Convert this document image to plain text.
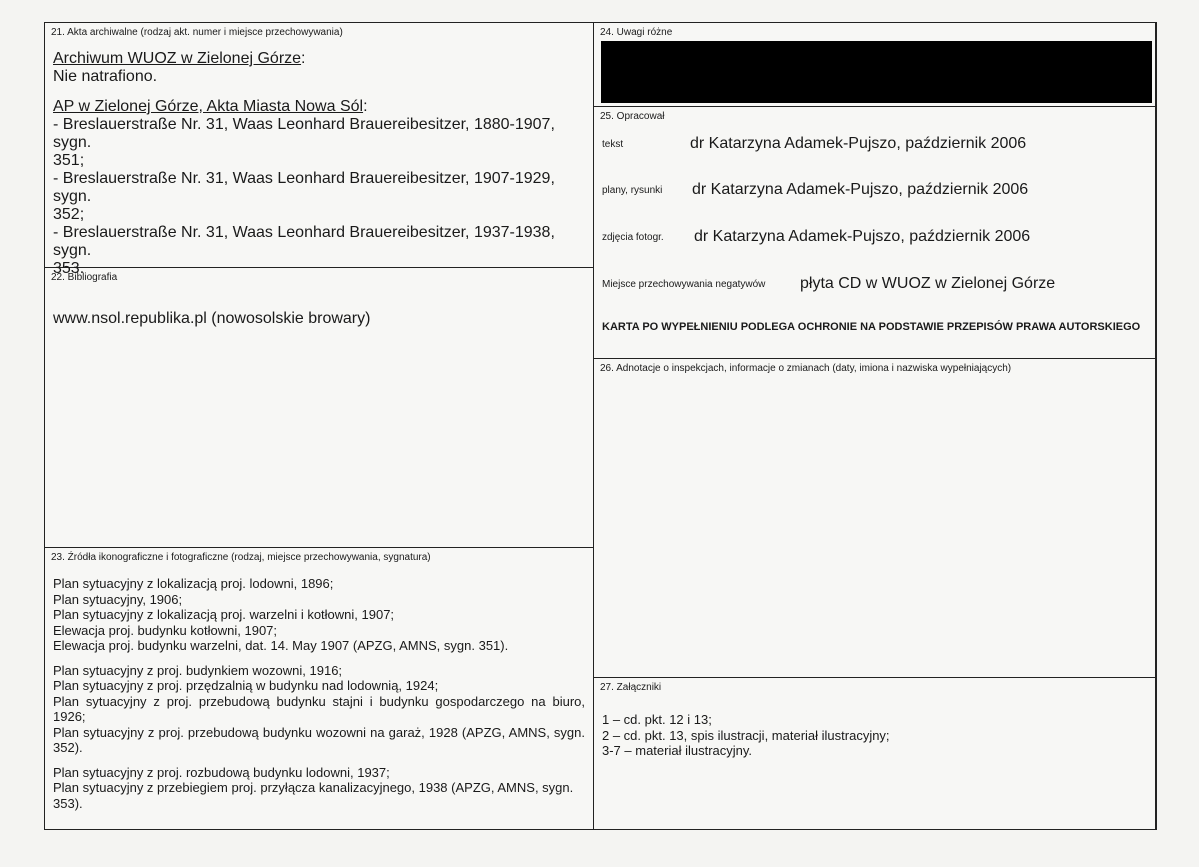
21. Akta archiwalne (rodzaj akt. numer i miejsce przechowywania)
Archiwum WUOZ w Zielonej Górze:
Nie natrafiono.
AP w Zielonej Górze, Akta Miasta Nowa Sól:
- Breslauerstraße Nr. 31, Waas Leonhard Brauereibesitzer, 1880-1907, sygn.
351;
- Breslauerstraße Nr. 31, Waas Leonhard Brauereibesitzer, 1907-1929, sygn.
352;
- Breslauerstraße Nr. 31, Waas Leonhard Brauereibesitzer, 1937-1938, sygn.
353.
22. Bibliografia
www.nsol.republika.pl (nowosolskie browary)
23. Źródła ikonograficzne i fotograficzne (rodzaj, miejsce przechowywania, sygnatura)
Plan sytuacyjny z lokalizacją proj. lodowni, 1896;
Plan sytuacyjny, 1906;
Plan sytuacyjny z lokalizacją proj. warzelni i kotłowni, 1907;
Elewacja proj. budynku kotłowni, 1907;
Elewacja proj. budynku warzelni, dat. 14. May 1907 (APZG, AMNS, sygn. 351).
Plan sytuacyjny z proj. budynkiem wozowni, 1916;
Plan sytuacyjny z proj. przędzalnią w budynku nad lodownią, 1924;
Plan sytuacyjny z proj. przebudową budynku stajni i budynku gospodarczego na biuro, 1926;
Plan sytuacyjny z proj. przebudową budynku wozowni na garaż, 1928 (APZG, AMNS, sygn. 352).
Plan sytuacyjny z proj. rozbudową budynku lodowni, 1937;
Plan sytuacyjny z przebiegiem proj. przyłącza kanalizacyjnego, 1938 (APZG, AMNS, sygn. 353).
24. Uwagi różne
25. Opracował
tekst	dr Katarzyna Adamek-Pujszo, październik 2006
plany, rysunki dr Katarzyna Adamek-Pujszo, październik 2006
zdjęcia fotogr. dr Katarzyna Adamek-Pujszo, październik 2006
Miejsce przechowywania negatywów płyta CD w WUOZ w Zielonej Górze
KARTA PO WYPEŁNIENIU PODLEGA OCHRONIE NA PODSTAWIE PRZEPISÓW PRAWA AUTORSKIEGO
26. Adnotacje o inspekcjach, informacje o zmianach (daty, imiona i nazwiska wypełniających)
27. Załączniki
1 – cd. pkt. 12 i 13;
2 – cd. pkt. 13, spis ilustracji, materiał ilustracyjny;
3-7 – materiał ilustracyjny.
